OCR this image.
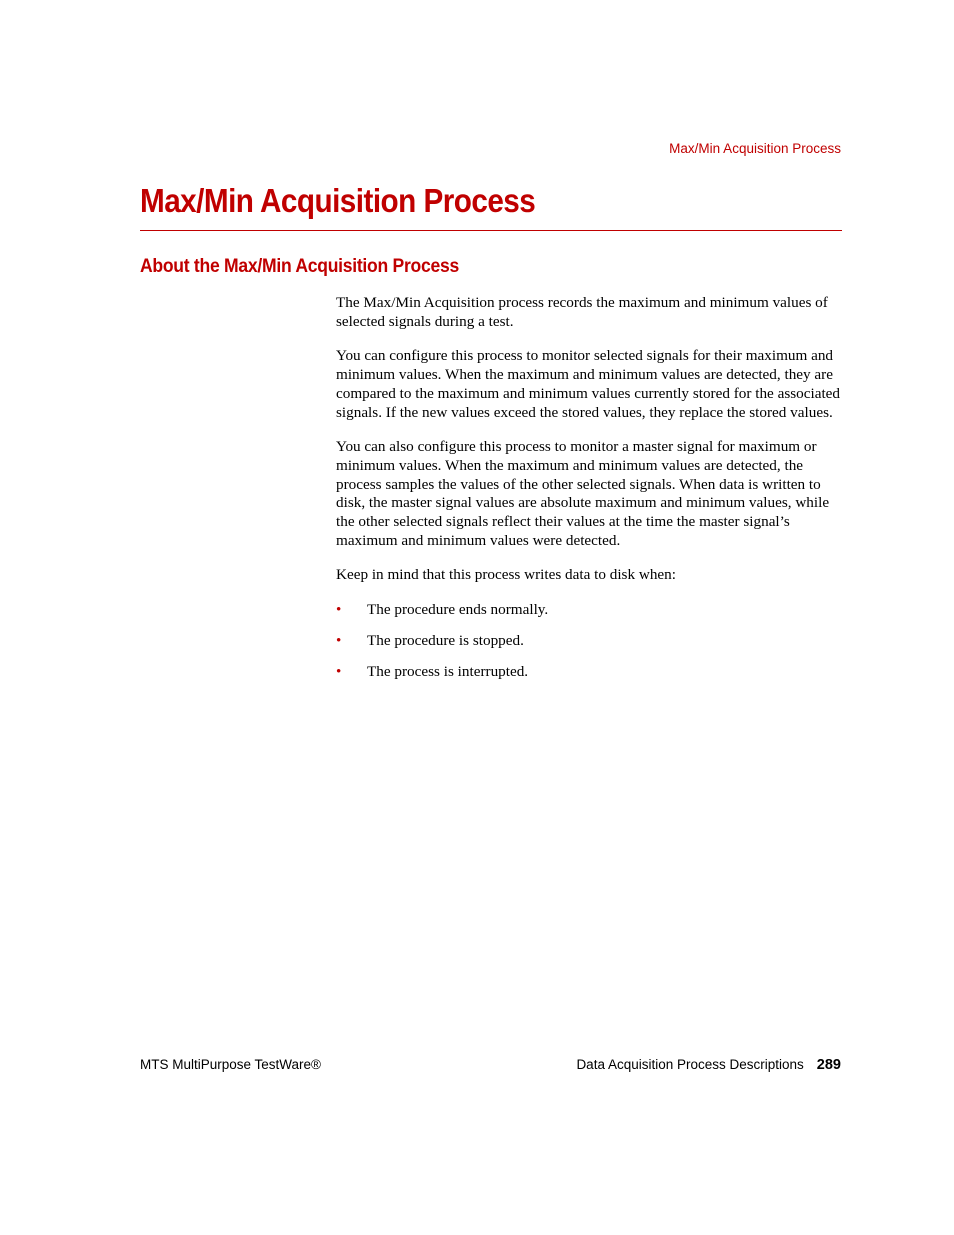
Max/Min Acquisition Process
Max/Min Acquisition Process
About the Max/Min Acquisition Process

The Max/Min Acquisition process records the maximum and minimum values of selected signals during a test.

You can configure this process to monitor selected signals for their maximum and minimum values. When the maximum and minimum values are detected, they are compared to the maximum and minimum values currently stored for the associated signals. If the new values exceed the stored values, they replace the stored values.

You can also configure this process to monitor a master signal for maximum or minimum values. When the maximum and minimum values are detected, the process samples the values of the other selected signals. When data is written to disk, the master signal values are absolute maximum and minimum values, while the other selected signals reflect their values at the time the master signal’s maximum and minimum values were detected.

Keep in mind that this process writes data to disk when:

• The procedure ends normally.
• The procedure is stopped.
• The process is interrupted.
MTS MultiPurpose TestWare®	Data Acquisition Process Descriptions 289
